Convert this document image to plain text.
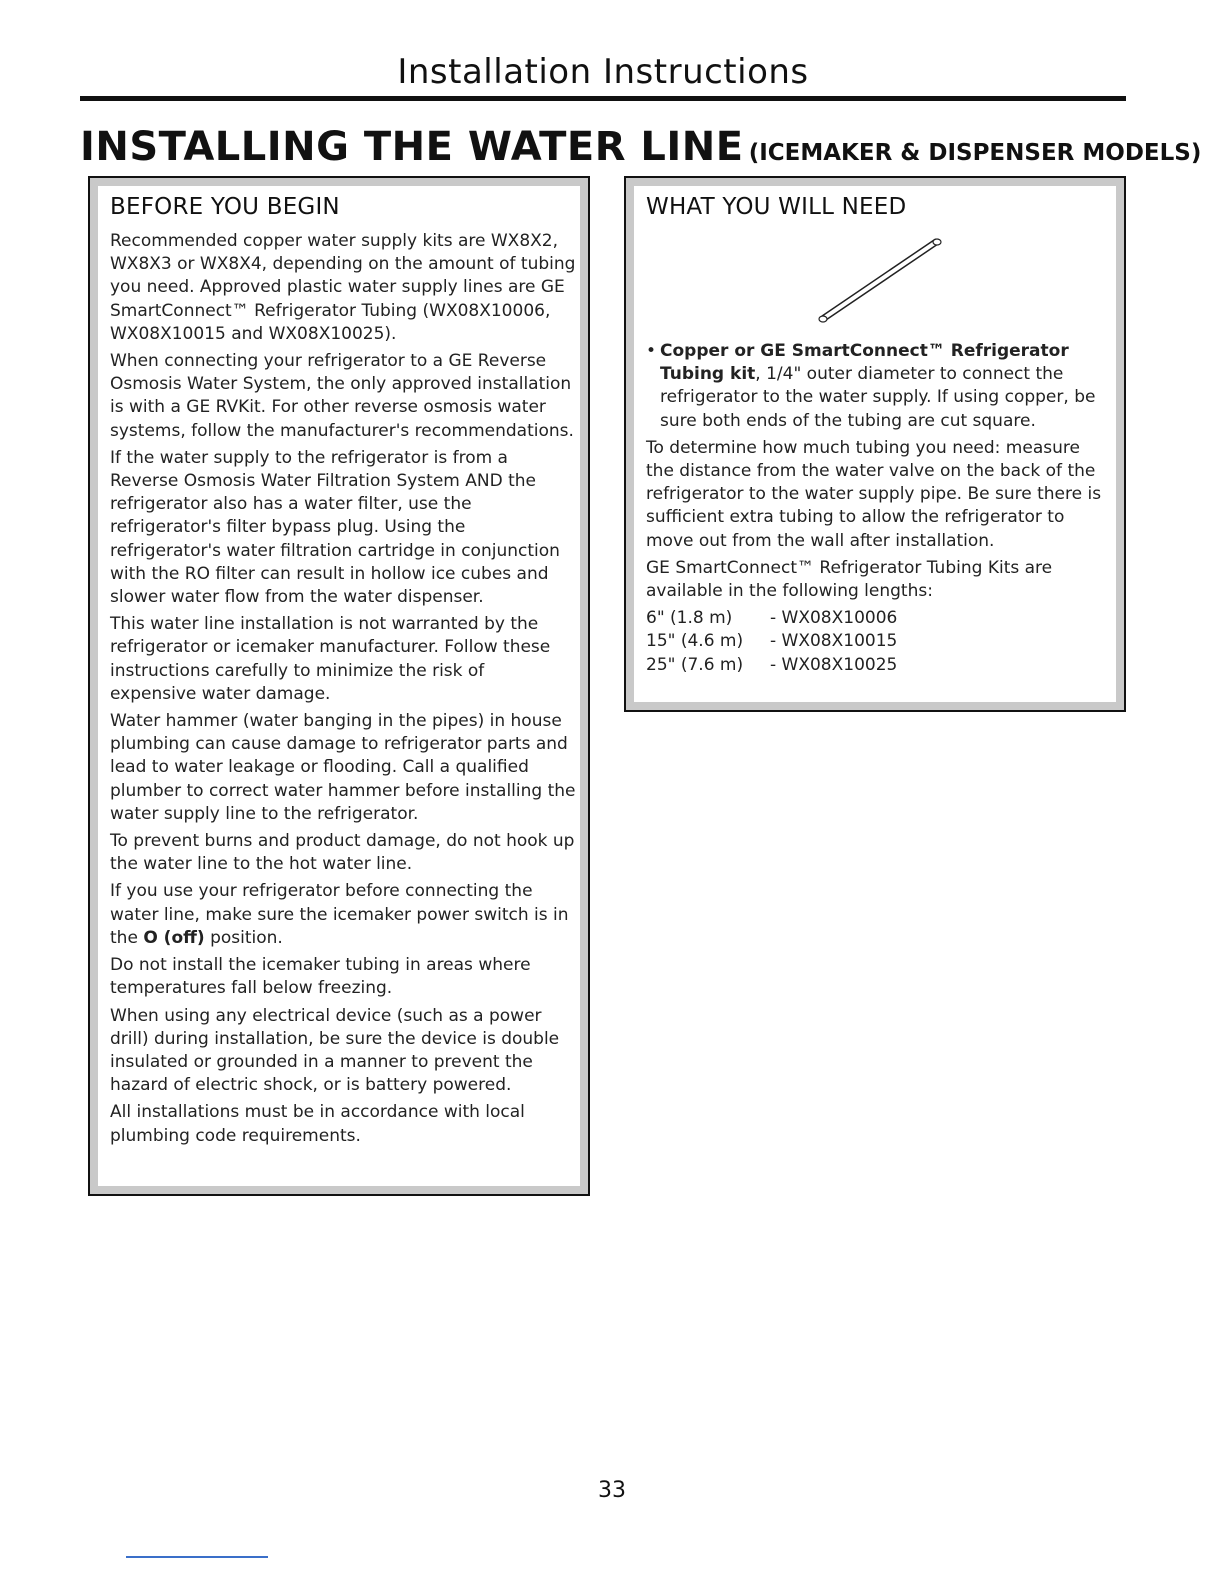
Installation Instructions
INSTALLING THE WATER LINE (ICEMAKER & DISPENSER MODELS)
BEFORE YOU BEGIN

Recommended copper water supply kits are WX8X2, WX8X3 or WX8X4, depending on the amount of tubing you need. Approved plastic water supply lines are GE SmartConnect™ Refrigerator Tubing (WX08X10006, WX08X10015 and WX08X10025).

When connecting your refrigerator to a GE Reverse Osmosis Water System, the only approved installation is with a GE RVKit. For other reverse osmosis water systems, follow the manufacturer's recommendations.

If the water supply to the refrigerator is from a Reverse Osmosis Water Filtration System AND the refrigerator also has a water filter, use the refrigerator's filter bypass plug. Using the refrigerator's water filtration cartridge in conjunction with the RO filter can result in hollow ice cubes and slower water flow from the water dispenser.

This water line installation is not warranted by the refrigerator or icemaker manufacturer. Follow these instructions carefully to minimize the risk of expensive water damage.

Water hammer (water banging in the pipes) in house plumbing can cause damage to refrigerator parts and lead to water leakage or flooding. Call a qualified plumber to correct water hammer before installing the water supply line to the refrigerator.

To prevent burns and product damage, do not hook up the water line to the hot water line.

If you use your refrigerator before connecting the water line, make sure the icemaker power switch is in the O (off) position.

Do not install the icemaker tubing in areas where temperatures fall below freezing.

When using any electrical device (such as a power drill) during installation, be sure the device is double insulated or grounded in a manner to prevent the hazard of electric shock, or is battery powered.

All installations must be in accordance with local plumbing code requirements.

WHAT YOU WILL NEED
• Copper or GE SmartConnect™ Refrigerator Tubing kit, 1/4" outer diameter to connect the refrigerator to the water supply. If using copper, be sure both ends of the tubing are cut square.

To determine how much tubing you need: measure the distance from the water valve on the back of the refrigerator to the water supply pipe. Be sure there is sufficient extra tubing to allow the refrigerator to move out from the wall after installation.

GE SmartConnect™ Refrigerator Tubing Kits are available in the following lengths:

6" (1.8 m)	- WX08X10006
15" (4.6 m)	- WX08X10015
25" (7.6 m)	- WX08X10025
33
